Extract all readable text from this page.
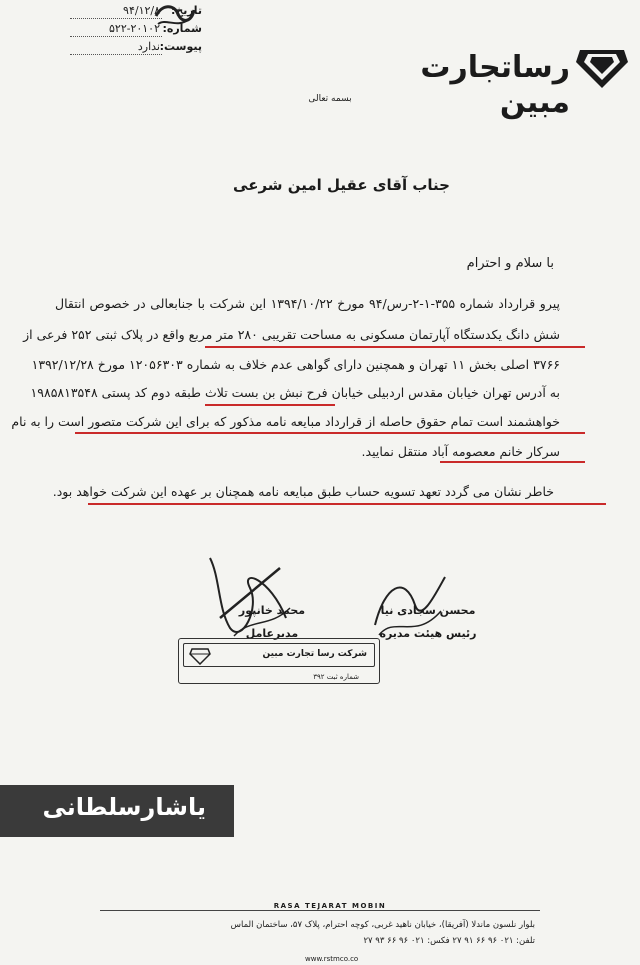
تاریخ:
۹۴/۱۲/۸
شماره:
۵۲۲-۲۰۱۰۲
پیوست:
ندارد
رساتجارت مبین
بسمه تعالی
جناب آقای عقیل امین شرعی
با سلام و احترام
پیرو قرارداد شماره ۳۵۵-۱-۲-رس/۹۴ مورخ ۱۳۹۴/۱۰/۲۲ این شرکت با جنابعالی در خصوص انتقال
شش دانگ یکدستگاه آپارتمان مسکونی به مساحت تقریبی ۲۸۰ متر مربع واقع در پلاک ثبتی ۲۵۲ فرعی از
۳۷۶۶ اصلی بخش ۱۱ تهران و همچنین دارای گواهی عدم خلاف به شماره ۱۲۰۵۶۳۰۳ مورخ ۱۳۹۲/۱۲/۲۸
به آدرس تهران خیابان مقدس اردبیلی خیابان فرح نبش بن بست تلاث طبقه دوم کد پستی ۱۹۸۵۸۱۳۵۴۸
خواهشمند است تمام حقوق حاصله از قرارداد مبایعه نامه مذکور که برای این شرکت متصور است را به نام
سرکار خانم معصومه آباد منتقل نمایید.
خاطر نشان می گردد تعهد تسویه حساب طبق مبایعه نامه همچنان بر عهده این شرکت خواهد بود.
محمد خانپور
مدیرعامل
محسن سجادی نیا
رئیس هیئت مدیره
شرکت رسا تجارت مبین
شماره ثبت ۳۹۲
یاشارسلطانی
RASA TEJARAT MOBIN
بلوار نلسون ماندلا (آفریقا)، خیابان ناهید غربی، کوچه احترام، پلاک ۵۷، ساختمان الماس
تلفن: ۰۲۱ ۹۶ ۶۶ ۹۱ ۲۷ فکس: ۰۲۱ ۹۶ ۶۶ ۹۳ ۲۷
www.rstmco.co
